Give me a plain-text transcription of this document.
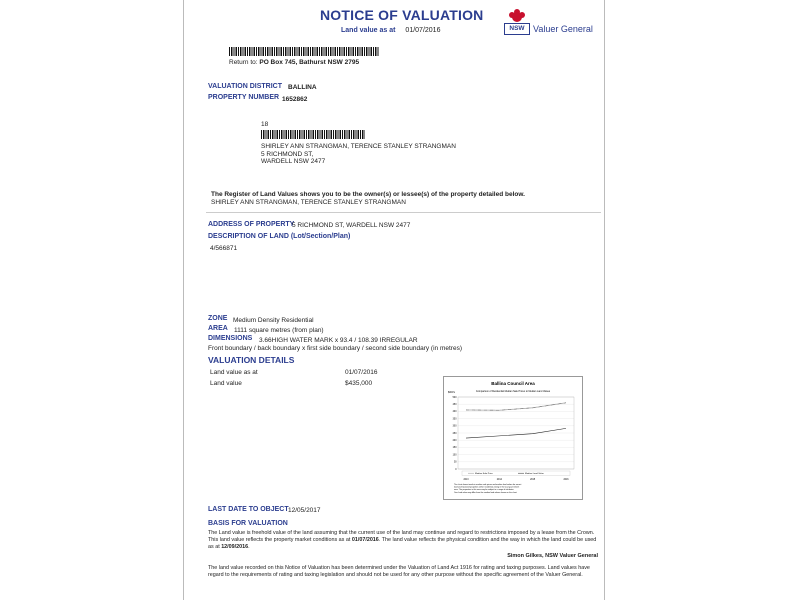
NOTICE OF VALUATION
Land value as at 01/07/2016	NSW Valuer General
Return to: PO Box 745, Bathurst NSW 2795
VALUATION DISTRICT BALLINA
PROPERTY NUMBER 1652862
18
SHIRLEY ANN STRANGMAN, TERENCE STANLEY STRANGMAN
5 RICHMOND ST,
WARDELL NSW 2477
The Register of Land Values shows you to be the owner(s) or lessee(s) of the property detailed below.
SHIRLEY ANN STRANGMAN, TERENCE STANLEY STRANGMAN
ADDRESS OF PROPERTY
5 RICHMOND ST, WARDELL NSW 2477
DESCRIPTION OF LAND (Lot/Section/Plan)
4/566871
ZONE Medium Density Residential
AREA 1111 square metres (from plan)
DIMENSIONS 3.66HIGH WATER MARK x 93.4 / 108.39 IRREGULAR
Front boundary / back boundary x first side boundary / second side boundary (in metres)
VALUATION DETAILS
Land value as at	01/07/2016
Land value	$435,000	Ballina Council Area
Comparison of Residential Median Sale Prices to Median Land Values
$000's
0
50
100
150
200
250
300
350
400
450
500
2013	2014	2015	2016
Median Sale Price	Median Land Value
The chart shows trends in median sale prices and median land values for vacant land and improved properties within residential zoning in the local government area. The properties in this area may be subject to a range of attributes. Your land value may differ from the median land values shown on the chart.
LAST DATE TO OBJECT 12/05/2017
BASIS FOR VALUATION
The Land value is freehold value of the land assuming that the current use of the land may continue and regard to restrictions imposed by a lease from the Crown. This land value reflects the property market conditions as at 01/07/2016. The land value reflects the physical condition and the way in which the land could be used as at 12/09/2016.
Simon Gilkes, NSW Valuer General
The land value recorded on this Notice of Valuation has been determined under the Valuation of Land Act 1916 for rating and taxing purposes. Land values have regard to the requirements of rating and taxing legislation and should not be used for any other purpose without the specific agreement of the Valuer General.
